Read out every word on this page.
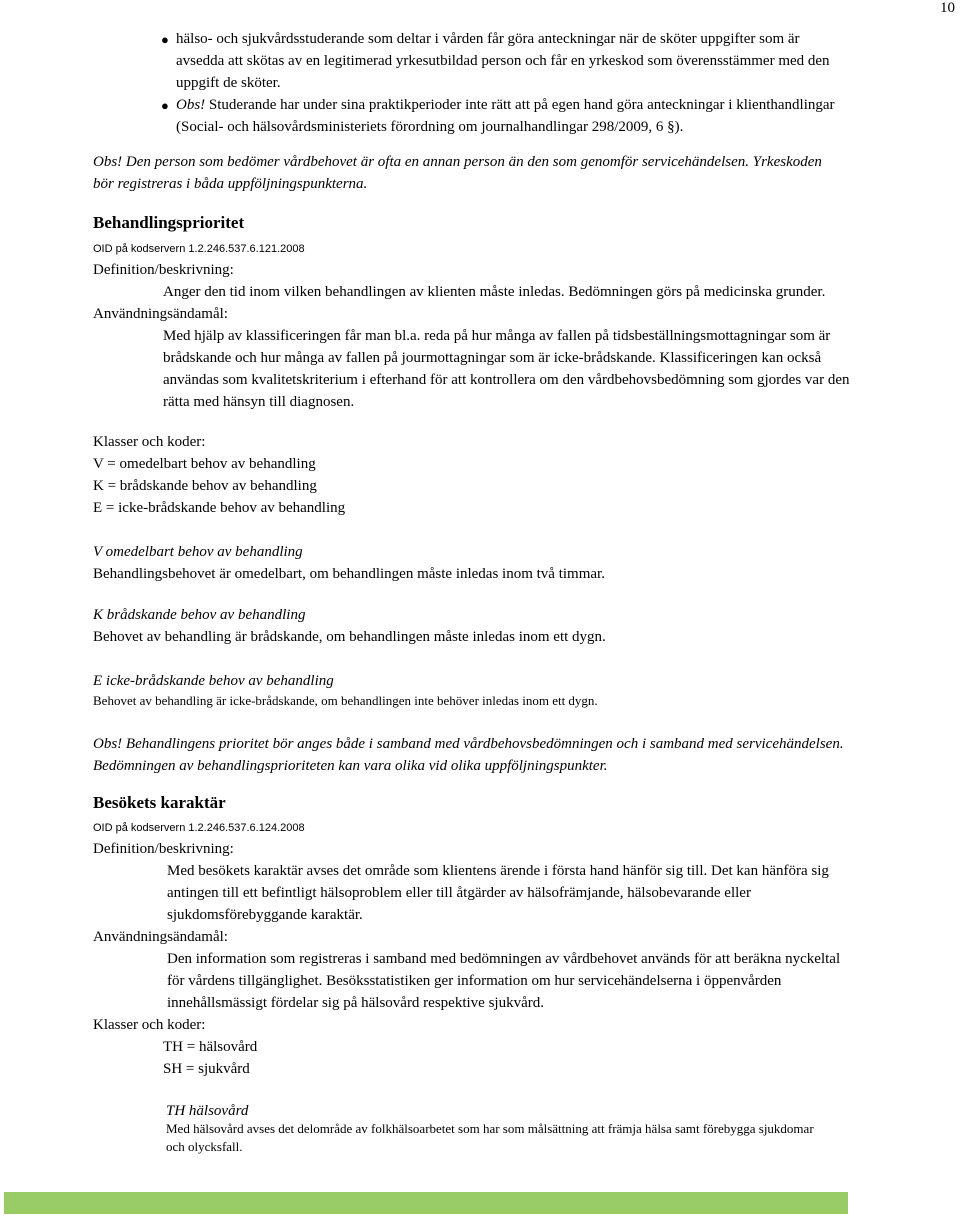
10
● hälso- och sjukvårdsstuderande som deltar i vården får göra anteckningar när de sköter uppgifter som är
avsedda att skötas av en legitimerad yrkesutbildad person och får en yrkeskod som överensstämmer med den
uppgift de sköter.
● Obs! Studerande har under sina praktikperioder inte rätt att på egen hand göra anteckningar i klienthandlingar
(Social- och hälsovårdsministeriets förordning om journalhandlingar 298/2009, 6 §).
Obs! Den person som bedömer vårdbehovet är ofta en annan person än den som genomför servicehändelsen. Yrkeskoden
bör registreras i båda uppföljningspunkterna.
Behandlingsprioritet
OID på kodservern 1.2.246.537.6.121.2008
Definition/beskrivning:
Anger den tid inom vilken behandlingen av klienten måste inledas. Bedömningen görs på medicinska grunder.
Användningsändamål:
Med hjälp av klassificeringen får man bl.a. reda på hur många av fallen på tidsbeställningsmottagningar som är
brådskande och hur många av fallen på jourmottagningar som är icke-brådskande. Klassificeringen kan också
användas som kvalitetskriterium i efterhand för att kontrollera om den vårdbehovsbedömning som gjordes var den
rätta med hänsyn till diagnosen.
Klasser och koder:
V = omedelbart behov av behandling
K = brådskande behov av behandling
E = icke-brådskande behov av behandling
V omedelbart behov av behandling
Behandlingsbehovet är omedelbart, om behandlingen måste inledas inom två timmar.
K brådskande behov av behandling
Behovet av behandling är brådskande, om behandlingen måste inledas inom ett dygn.
E icke-brådskande behov av behandling
Behovet av behandling är icke-brådskande, om behandlingen inte behöver inledas inom ett dygn.
Obs! Behandlingens prioritet bör anges både i samband med vårdbehovsbedömningen och i samband med servicehändelsen.
Bedömningen av behandlingsprioriteten kan vara olika vid olika uppföljningspunkter.
Besökets karaktär
OID på kodservern 1.2.246.537.6.124.2008
Definition/beskrivning:
Med besökets karaktär avses det område som klientens ärende i första hand hänför sig till. Det kan hänföra sig
antingen till ett befintligt hälsoproblem eller till åtgärder av hälsofrämjande, hälsobevarande eller
sjukdomsförebyggande karaktär.
Användningsändamål:
Den information som registreras i samband med bedömningen av vårdbehovet används för att beräkna nyckeltal
för vårdens tillgänglighet. Besöksstatistiken ger information om hur servicehändelserna i öppenvården
innehållsmässigt fördelar sig på hälsovård respektive sjukvård.
Klasser och koder:
TH = hälsovård
SH = sjukvård
TH hälsovård
Med hälsovård avses det delområde av folkhälsoarbetet som har som målsättning att främja hälsa samt förebygga sjukdomar
och olycksfall.
